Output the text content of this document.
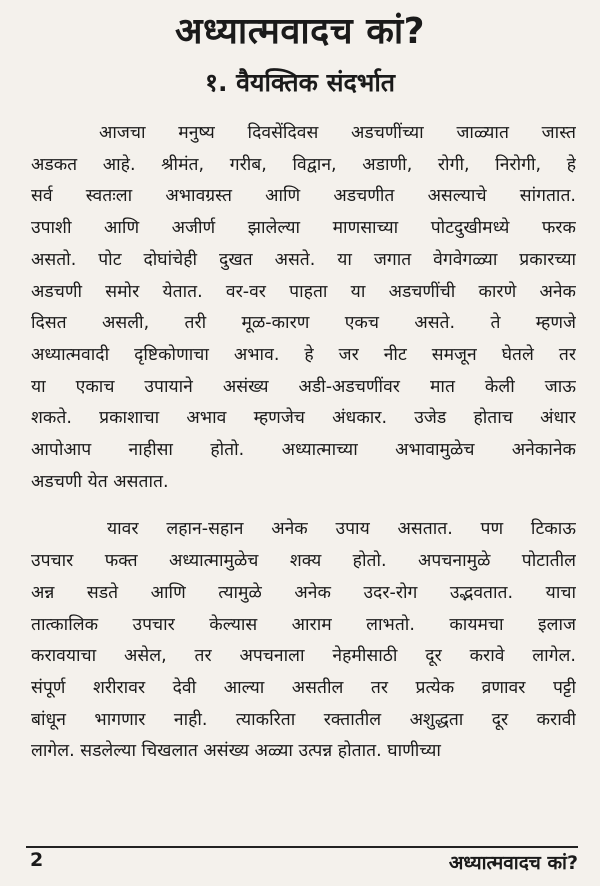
अध्यात्मवादच कां?
१. वैयक्तिक संदर्भात

आजचा मनुष्य दिवसेंदिवस अडचणींच्या जाळ्यात जास्त
अडकत आहे. श्रीमंत, गरीब, विद्वान, अडाणी, रोगी, निरोगी, हे
सर्व स्वतःला अभावग्रस्त आणि अडचणीत असल्याचे सांगतात.
उपाशी आणि अजीर्ण झालेल्या माणसाच्या पोटदुखीमध्ये फरक
असतो. पोट दोघांचेही दुखत असते. या जगात वेगवेगळ्या प्रकारच्या
अडचणी समोर येतात. वर-वर पाहता या अडचणींची कारणे अनेक
दिसत असली, तरी मूळ-कारण एकच असते. ते म्हणजे
अध्यात्मवादी दृष्टिकोणाचा अभाव. हे जर नीट समजून घेतले तर
या एकाच उपायाने असंख्य अडी-अडचणींवर मात केली जाऊ
शकते. प्रकाशाचा अभाव म्हणजेच अंधकार. उजेड होताच अंधार
आपोआप नाहीसा होतो. अध्यात्माच्या अभावामुळेच अनेकानेक
अडचणी येत असतात.

यावर लहान-सहान अनेक उपाय असतात. पण टिकाऊ
उपचार फक्त अध्यात्मामुळेच शक्य होतो. अपचनामुळे पोटातील
अन्न सडते आणि त्यामुळे अनेक उदर-रोग उद्भवतात. याचा
तात्कालिक उपचार केल्यास आराम लाभतो. कायमचा इलाज
करावयाचा असेल, तर अपचनाला नेहमीसाठी दूर करावे लागेल.
संपूर्ण शरीरावर देवी आल्या असतील तर प्रत्येक व्रणावर पट्टी
बांधून भागणार नाही. त्याकरिता रक्तातील अशुद्धता दूर करावी
लागेल. सडलेल्या चिखलात असंख्य अळ्या उत्पन्न होतात. घाणीच्या

2	अध्यात्मवादच कां?
